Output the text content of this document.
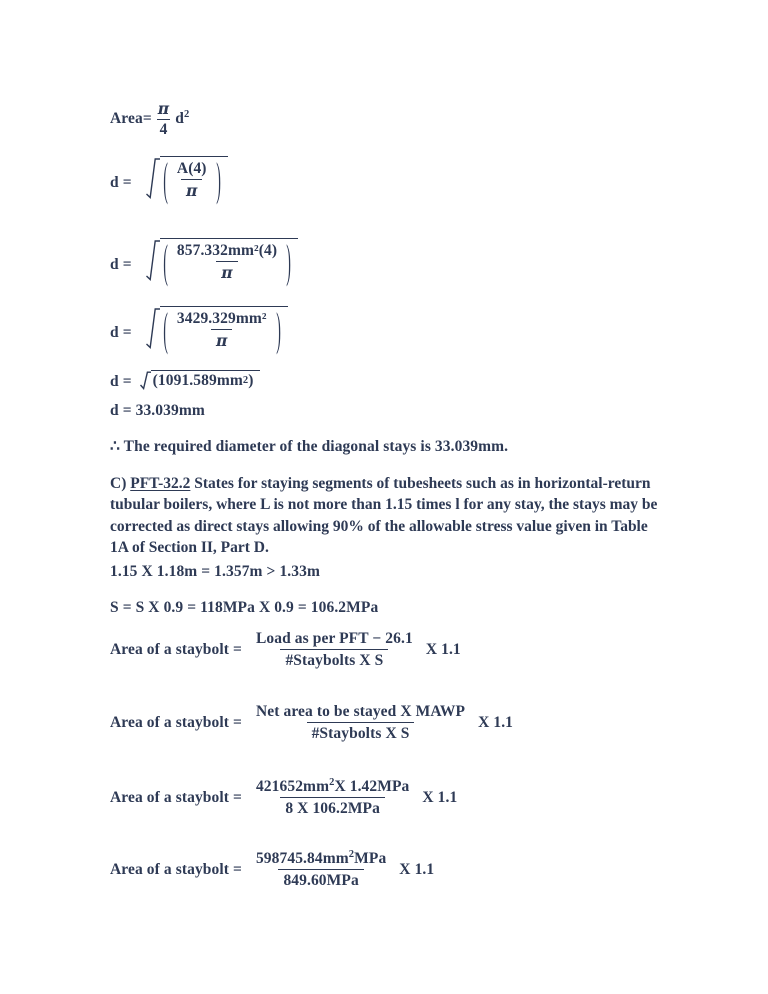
Area= $\frac{\pi}{4} d^2$
d = ( $\frac{A(4)}{\pi}$ )
d = ( $\frac{\text{857.332mm²(4)}}{\pi}$ )
d = ( $\frac{\text{3429.329mm²}}{\pi}$ )
d = (1091.589mm 2 )
d = 33.039mm
∴ The required diameter of the diagonal stays is 33.039mm.
C) PFT-32.2 States for staying segments of tubesheets such as in horizontal-return tubular boilers, where L is not more than 1.15 times l for any stay, the stays may be corrected as direct stays allowing 90% of the allowable stress value given in Table 1A of Section II, Part D.
1.15 X 1.18m = 1.357m > 1.33m
S = S X 0.9 = 118MPa X 0.9 = 106.2MPa
Area of a staybolt = $\frac{\text{Load as per PFT − 26.1}}{\text{\#Staybolts X S}}$ X 1.1
Area of a staybolt = $\frac{\text{Net area to be stayed X MAWP}}{\text{\#Staybolts X S}}$ X 1.1
Area of a staybolt = $\frac{421652mm^2X 1.42MPa}{\text{8 X 106.2MPa}}$ X 1.1
Area of a staybolt = $\frac{598745.84mm^2MPa}{\text{849.60MPa}}$ X 1.1
